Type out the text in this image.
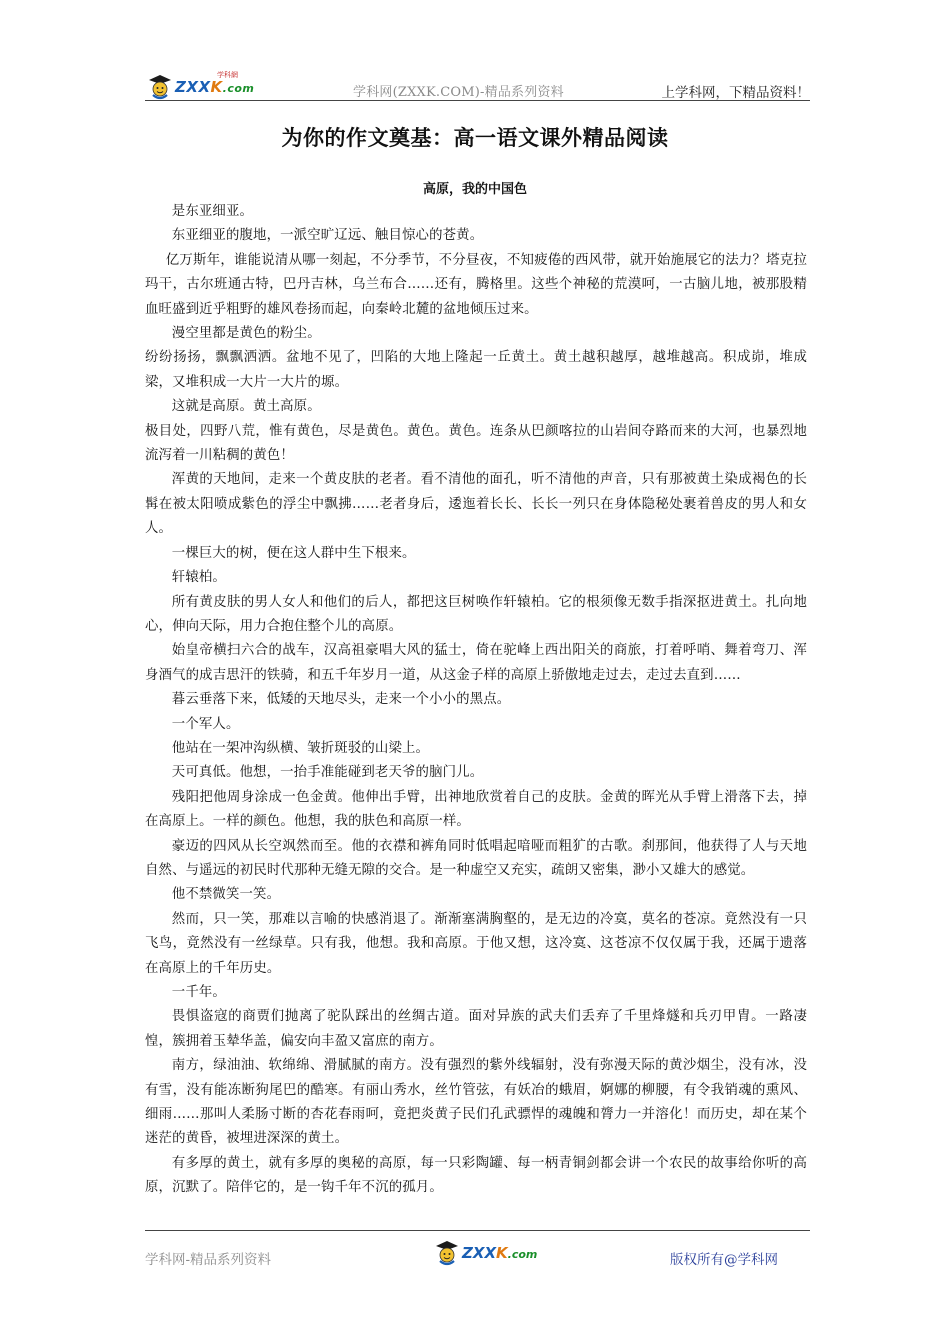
ZXXK.com
学科網
学科网(ZXXK.COM)-精品系列资料	上学科网，下精品资料！
为你的作文奠基：高一语文课外精品阅读
高原，我的中国色

是东亚细亚。

东亚细亚的腹地，一派空旷辽远、触目惊心的苍黄。

亿万斯年，谁能说清从哪一刻起，不分季节，不分昼夜，不知疲倦的西风带，就开始施展它的法力？塔克拉玛干，古尔班通古特，巴丹吉林，乌兰布合……还有，腾格里。这些个神秘的荒漠呵，一古脑儿地，被那股精血旺盛到近乎粗野的雄风卷扬而起，向秦岭北麓的盆地倾压过来。

漫空里都是黄色的粉尘。

纷纷扬扬，飘飘洒洒。盆地不见了，凹陷的大地上隆起一丘黄土。黄土越积越厚，越堆越高。积成峁，堆成梁，又堆积成一大片一大片的塬。

这就是高原。黄土高原。

极目处，四野八荒，惟有黄色，尽是黄色。黄色。黄色。连条从巴颜喀拉的山岩间夺路而来的大河，也暴烈地流泻着一川粘稠的黄色！

浑黄的天地间，走来一个黄皮肤的老者。看不清他的面孔，听不清他的声音，只有那被黄土染成褐色的长髯在被太阳喷成紫色的浮尘中飘拂……老者身后，逶迤着长长、长长一列只在身体隐秘处裹着兽皮的男人和女人。

一棵巨大的树，便在这人群中生下根来。

轩辕柏。

所有黄皮肤的男人女人和他们的后人，都把这巨树唤作轩辕柏。它的根须像无数手指深抠进黄土。扎向地心，伸向天际，用力合抱住整个儿的高原。

始皇帝横扫六合的战车，汉高祖豪唱大风的猛士，倚在驼峰上西出阳关的商旅，打着呼哨、舞着弯刀、浑身酒气的成吉思汗的铁骑，和五千年岁月一道，从这金子样的高原上骄傲地走过去，走过去直到……

暮云垂落下来，低矮的天地尽头，走来一个小小的黑点。

一个军人。

他站在一架冲沟纵横、皱折斑驳的山梁上。

天可真低。他想，一抬手准能碰到老天爷的脑门儿。

残阳把他周身涂成一色金黄。他伸出手臂，出神地欣赏着自己的皮肤。金黄的晖光从手臂上滑落下去，掉在高原上。一样的颜色。他想，我的肤色和高原一样。

豪迈的四风从长空飒然而至。他的衣襟和裤角同时低唱起喑哑而粗犷的古歌。刹那间，他获得了人与天地自然、与遥远的初民时代那种无缝无隙的交合。是一种虚空又充实，疏朗又密集，渺小又雄大的感觉。

他不禁微笑一笑。

然而，只一笑，那难以言喻的快感消退了。渐渐塞满胸壑的，是无边的冷寞，莫名的苍凉。竟然没有一只飞鸟，竟然没有一丝绿草。只有我，他想。我和高原。于他又想，这冷寞、这苍凉不仅仅属于我，还属于遗落在高原上的千年历史。

一千年。

畏惧盗寇的商贾们抛离了驼队踩出的丝绸古道。面对异族的武夫们丢弃了千里烽燧和兵刃甲胄。一路凄惶，簇拥着玉辇华盖，偏安向丰盈又富庶的南方。

南方，绿油油、软绵绵、滑腻腻的南方。没有强烈的紫外线辐射，没有弥漫天际的黄沙烟尘，没有冰，没有雪，没有能冻断狗尾巴的酷寒。有丽山秀水，丝竹管弦，有妖冶的蛾眉，婀娜的柳腰，有令我销魂的熏风、细雨……那叫人柔肠寸断的杏花春雨呵，竟把炎黄子民们孔武骠悍的魂魄和膂力一并溶化！而历史，却在某个迷茫的黄昏，被埋进深深的黄土。

有多厚的黄土，就有多厚的奥秘的高原，每一只彩陶罐、每一柄青铜剑都会讲一个农民的故事给你听的高原，沉默了。陪伴它的，是一钩千年不沉的孤月。

学科网-精品系列资料	ZXXK.com	版权所有@学科网
